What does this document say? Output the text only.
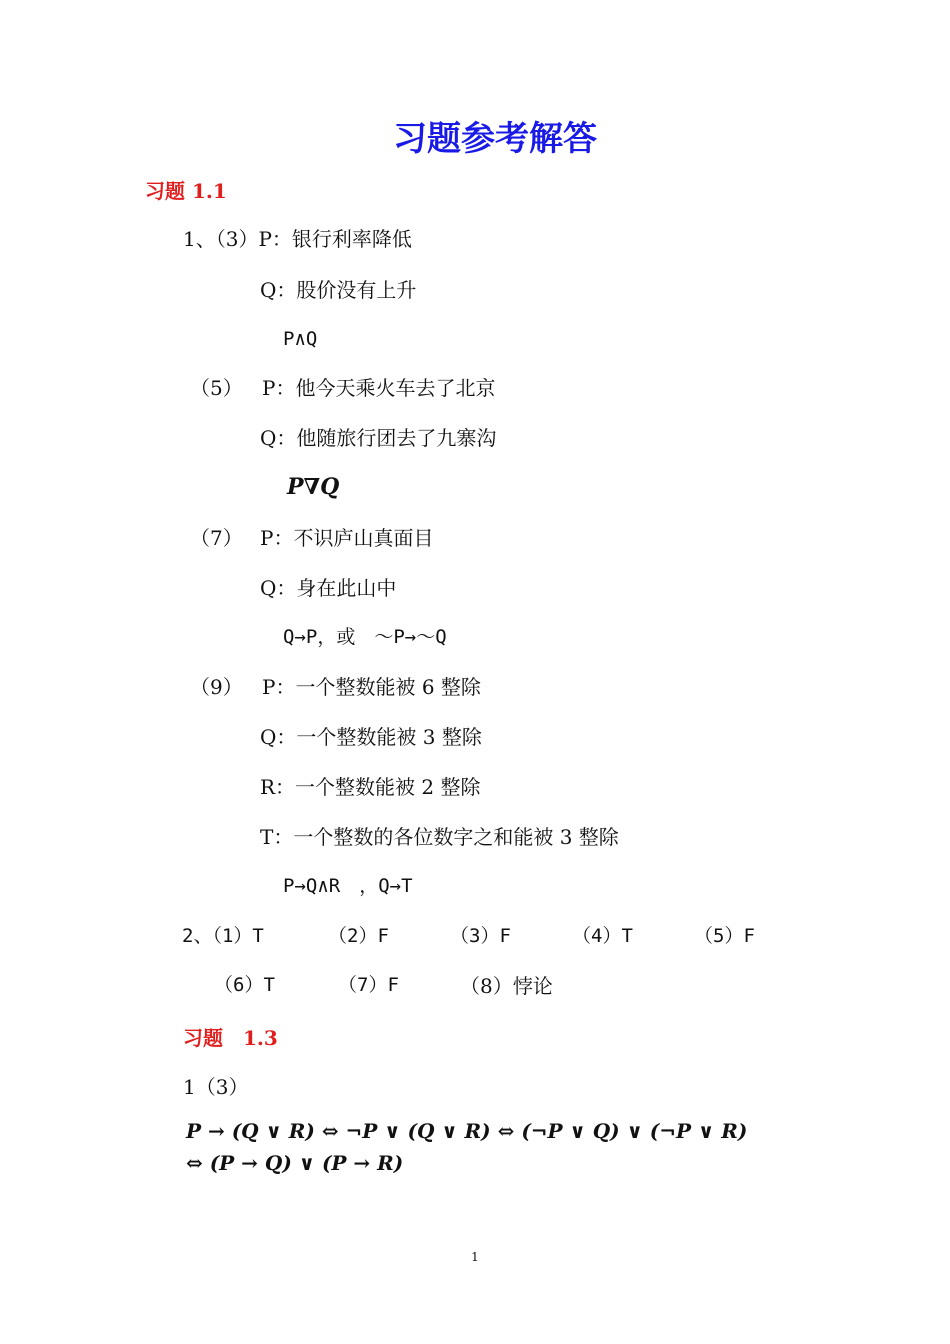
习题参考解答
习题 1.1
1、（3）P：银行利率降低
Q：股价没有上升
P∧Q
（5） P：他今天乘火车去了北京
Q：他随旅行团去了九寨沟
P∇Q
（7） P：不识庐山真面目
Q：身在此山中
Q→P，或　～P→～Q
（9） P：一个整数能被 6 整除
Q：一个整数能被 3 整除
R：一个整数能被 2 整除
T：一个整数的各位数字之和能被 3 整除
P→Q∧R　，Q→T
2、（1）T	（2）F	（3）F	（4）T	（5）F
（6）T	（7）F	（8）悖论
习题　1.3
1（3）
P → (Q ∨ R) ⇔ ¬P ∨ (Q ∨ R) ⇔ (¬P ∨ Q) ∨ (¬P ∨ R)
⇔ (P → Q) ∨ (P → R)
1
